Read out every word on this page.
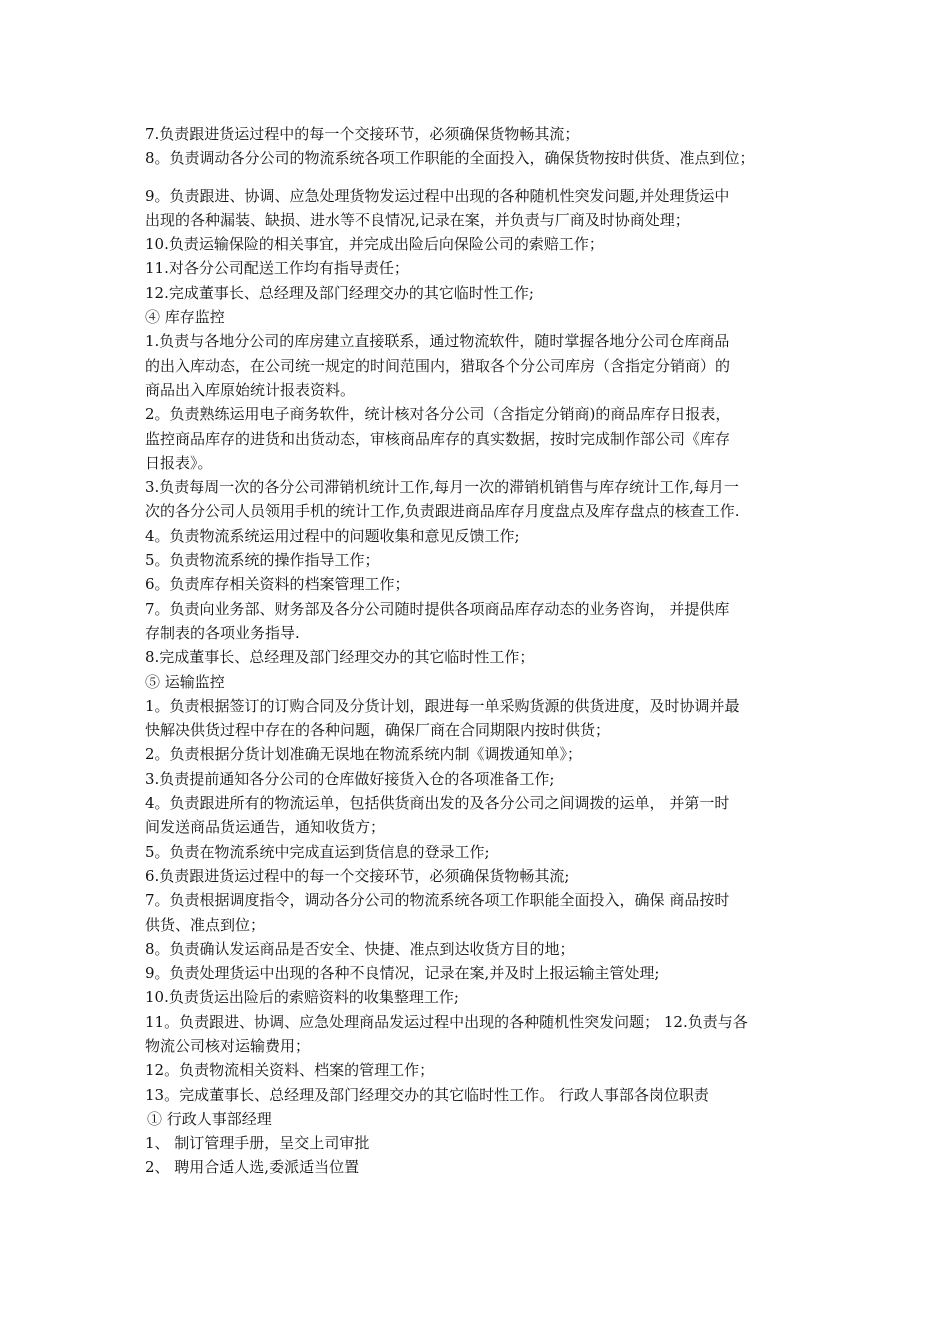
7.负责跟进货运过程中的每一个交接环节，必须确保货物畅其流；

8。负责调动各分公司的物流系统各项工作职能的全面投入，确保货物按时供货、准点到位；

9。负责跟进、协调、应急处理货物发运过程中出现的各种随机性突发问题,并处理货运中

出现的各种漏装、缺损、进水等不良情况,记录在案，并负责与厂商及时协商处理；

10.负责运输保险的相关事宜，并完成出险后向保险公司的索赔工作；

11.对各分公司配送工作均有指导责任；

12.完成董事长、总经理及部门经理交办的其它临时性工作;

④ 库存监控

1.负责与各地分公司的库房建立直接联系，通过物流软件，随时掌握各地分公司仓库商品

的出入库动态，在公司统一规定的时间范围内，猎取各个分公司库房（含指定分销商）的

商品出入库原始统计报表资料。

2。负责熟练运用电子商务软件，统计核对各分公司（含指定分销商)的商品库存日报表，

监控商品库存的进货和出货动态，审核商品库存的真实数据，按时完成制作部公司《库存

日报表》。

3.负责每周一次的各分公司滞销机统计工作,每月一次的滞销机销售与库存统计工作,每月一

次的各分公司人员领用手机的统计工作,负责跟进商品库存月度盘点及库存盘点的核查工作.

4。负责物流系统运用过程中的问题收集和意见反馈工作;

5。负责物流系统的操作指导工作；

6。负责库存相关资料的档案管理工作；

7。负责向业务部、财务部及各分公司随时提供各项商品库存动态的业务咨询， 并提供库

存制表的各项业务指导.

8.完成董事长、总经理及部门经理交办的其它临时性工作；

⑤ 运输监控

1。负责根据签订的订购合同及分货计划，跟进每一单采购货源的供货进度，及时协调并最

快解决供货过程中存在的各种问题，确保厂商在合同期限内按时供货；

2。负责根据分货计划准确无误地在物流系统内制《调拨通知单》；

3.负责提前通知各分公司的仓库做好接货入仓的各项准备工作;

4。负责跟进所有的物流运单，包括供货商出发的及各分公司之间调拨的运单， 并第一时

间发送商品货运通告，通知收货方；

5。负责在物流系统中完成直运到货信息的登录工作;

6.负责跟进货运过程中的每一个交接环节，必须确保货物畅其流;

7。负责根据调度指令，调动各分公司的物流系统各项工作职能全面投入，确保 商品按时

供货、准点到位；

8。负责确认发运商品是否安全、快捷、准点到达收货方目的地；

9。负责处理货运中出现的各种不良情况，记录在案,并及时上报运输主管处理;

10.负责货运出险后的索赔资料的收集整理工作;

11。负责跟进、协调、应急处理商品发运过程中出现的各种随机性突发问题； 12.负责与各

物流公司核对运输费用；

12。负责物流相关资料、档案的管理工作；

13。完成董事长、总经理及部门经理交办的其它临时性工作。 行政人事部各岗位职责

① 行政人事部经理

1、 制订管理手册，呈交上司审批

2、 聘用合适人选,委派适当位置
